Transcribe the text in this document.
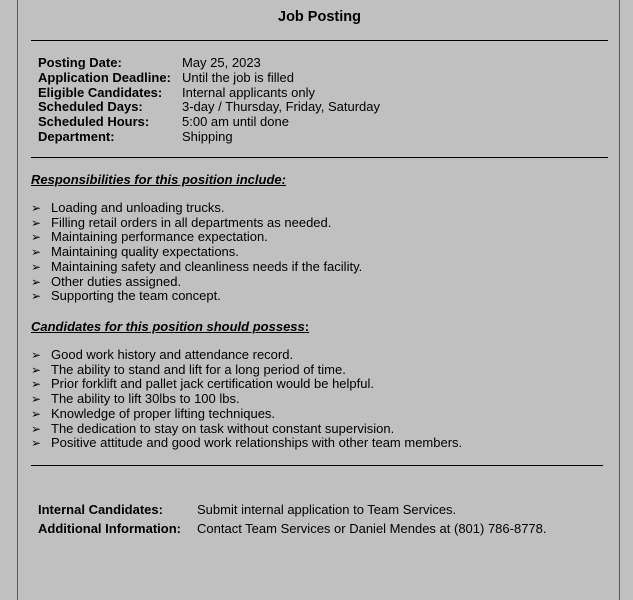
Job Posting
Posting Date:	May 25, 2023
Application Deadline: Until the job is filled
Eligible Candidates:	Internal applicants only
Scheduled Days:	3-day / Thursday, Friday, Saturday
Scheduled Hours:	5:00 am until done
Department:	Shipping
Responsibilities for this position include:
➢ Loading and unloading trucks.
➢ Filling retail orders in all departments as needed.
➢ Maintaining performance expectation.
➢ Maintaining quality expectations.
➢ Maintaining safety and cleanliness needs if the facility.
➢ Other duties assigned.
➢ Supporting the team concept.
Candidates for this position should possess:
➢ Good work history and attendance record.
➢ The ability to stand and lift for a long period of time.
➢ Prior forklift and pallet jack certification would be helpful.
➢ The ability to lift 30lbs to 100 lbs.
➢ Knowledge of proper lifting techniques.
➢ The dedication to stay on task without constant supervision.
➢ Positive attitude and good work relationships with other team members.
Internal Candidates:	Submit internal application to Team Services.
Additional Information:	Contact Team Services or Daniel Mendes at (801) 786-8778.
